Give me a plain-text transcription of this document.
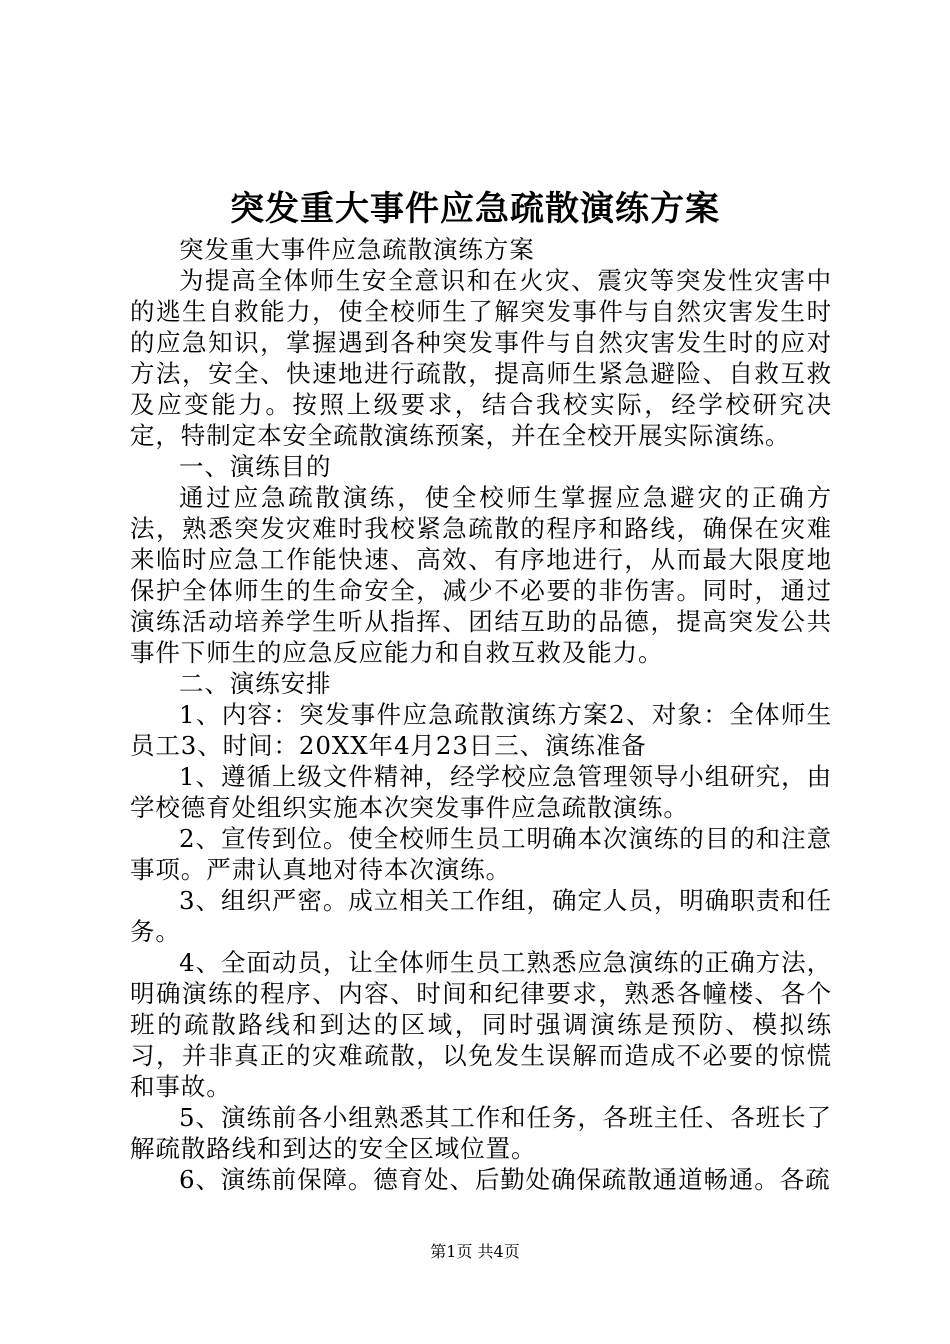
突发重大事件应急疏散演练方案

突发重大事件应急疏散演练方案

为提高全体师生安全意识和在火灾、震灾等突发性灾害中的逃生自救能力，使全校师生了解突发事件与自然灾害发生时的应急知识，掌握遇到各种突发事件与自然灾害发生时的应对方法，安全、快速地进行疏散，提高师生紧急避险、自救互救及应变能力。按照上级要求，结合我校实际，经学校研究决定，特制定本安全疏散演练预案，并在全校开展实际演练。

一、演练目的

通过应急疏散演练，使全校师生掌握应急避灾的正确方法，熟悉突发灾难时我校紧急疏散的程序和路线，确保在灾难来临时应急工作能快速、高效、有序地进行，从而最大限度地保护全体师生的生命安全，减少不必要的非伤害。同时，通过演练活动培养学生听从指挥、团结互助的品德，提高突发公共事件下师生的应急反应能力和自救互救及能力。

二、演练安排

1、内容：突发事件应急疏散演练方案2、对象：全体师生员工3、时间：20XX年4月23日三、演练准备

1、遵循上级文件精神，经学校应急管理领导小组研究，由学校德育处组织实施本次突发事件应急疏散演练。

2、宣传到位。使全校师生员工明确本次演练的目的和注意事项。严肃认真地对待本次演练。

3、组织严密。成立相关工作组，确定人员，明确职责和任务。

4、全面动员，让全体师生员工熟悉应急演练的正确方法，明确演练的程序、内容、时间和纪律要求，熟悉各幢楼、各个班的疏散路线和到达的区域，同时强调演练是预防、模拟练习，并非真正的灾难疏散，以免发生误解而造成不必要的惊慌和事故。

5、演练前各小组熟悉其工作和任务，各班主任、各班长了解疏散路线和到达的安全区域位置。

6、演练前保障。德育处、后勤处确保疏散通道畅通。各疏

第1页 共4页
